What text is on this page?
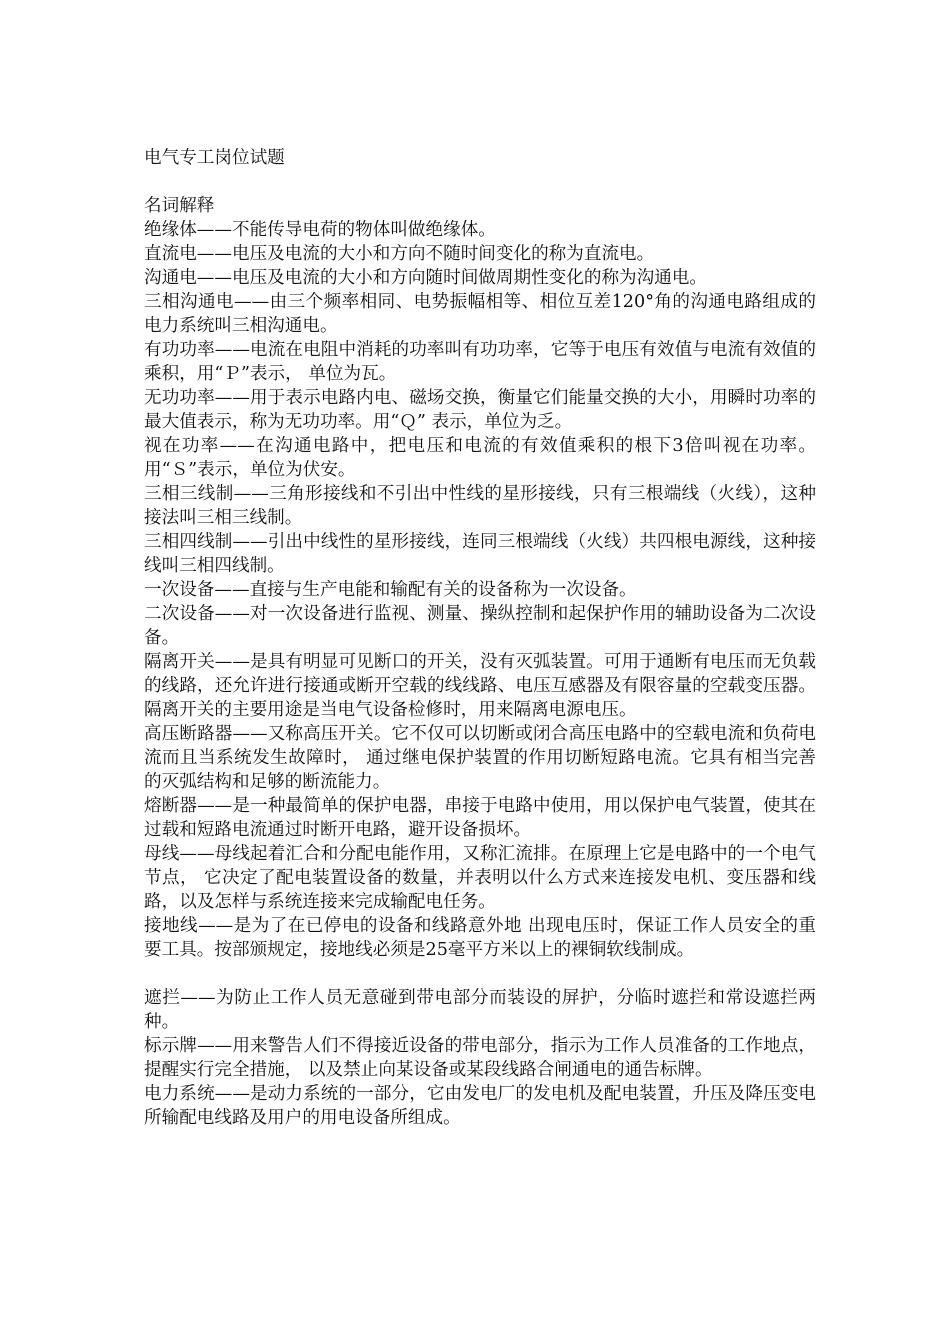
电气专工岗位试题
名词解释

绝缘体——不能传导电荷的物体叫做绝缘体。

直流电——电压及电流的大小和方向不随时间变化的称为直流电。

沟通电——电压及电流的大小和方向随时间做周期性变化的称为沟通电。

三相沟通电——由三个频率相同、电势振幅相等、相位互差120°角的沟通电路组成的电力系统叫三相沟通电。

有功功率——电流在电阻中消耗的功率叫有功功率，它等于电压有效值与电流有效值的乘积，用“Ｐ”表示， 单位为瓦。

无功功率——用于表示电路内电、磁场交换，衡量它们能量交换的大小，用瞬时功率的最大值表示，称为无功功率。用“Ｑ” 表示，单位为乏。

视在功率——在沟通电路中，把电压和电流的有效值乘积的根下3倍叫视在功率。用“Ｓ”表示，单位为伏安。

三相三线制——三角形接线和不引出中性线的星形接线，只有三根端线（火线），这种接法叫三相三线制。

三相四线制——引出中线性的星形接线，连同三根端线（火线）共四根电源线，这种接线叫三相四线制。

一次设备——直接与生产电能和输配有关的设备称为一次设备。

二次设备——对一次设备进行监视、测量、操纵控制和起保护作用的辅助设备为二次设备。

隔离开关——是具有明显可见断口的开关，没有灭弧装置。可用于通断有电压而无负载的线路，还允许进行接通或断开空载的线线路、电压互感器及有限容量的空载变压器。隔离开关的主要用途是当电气设备检修时，用来隔离电源电压。

高压断路器——又称高压开关。它不仅可以切断或闭合高压电路中的空载电流和负荷电流而且当系统发生故障时， 通过继电保护装置的作用切断短路电流。它具有相当完善的灭弧结构和足够的断流能力。

熔断器——是一种最简单的保护电器，串接于电路中使用，用以保护电气装置，使其在过载和短路电流通过时断开电路，避开设备损坏。

母线——母线起着汇合和分配电能作用，又称汇流排。在原理上它是电路中的一个电气节点， 它决定了配电装置设备的数量，并表明以什么方式来连接发电机、变压器和线路，以及怎样与系统连接来完成输配电任务。

接地线——是为了在已停电的设备和线路意外地 出现电压时，保证工作人员安全的重要工具。按部颁规定，接地线必须是25毫平方米以上的裸铜软线制成。

遮拦——为防止工作人员无意碰到带电部分而装设的屏护，分临时遮拦和常设遮拦两种。

标示牌——用来警告人们不得接近设备的带电部分，指示为工作人员准备的工作地点，提醒实行完全措施， 以及禁止向某设备或某段线路合闸通电的通告标牌。

电力系统——是动力系统的一部分，它由发电厂的发电机及配电装置，升压及降压变电所输配电线路及用户的用电设备所组成。
